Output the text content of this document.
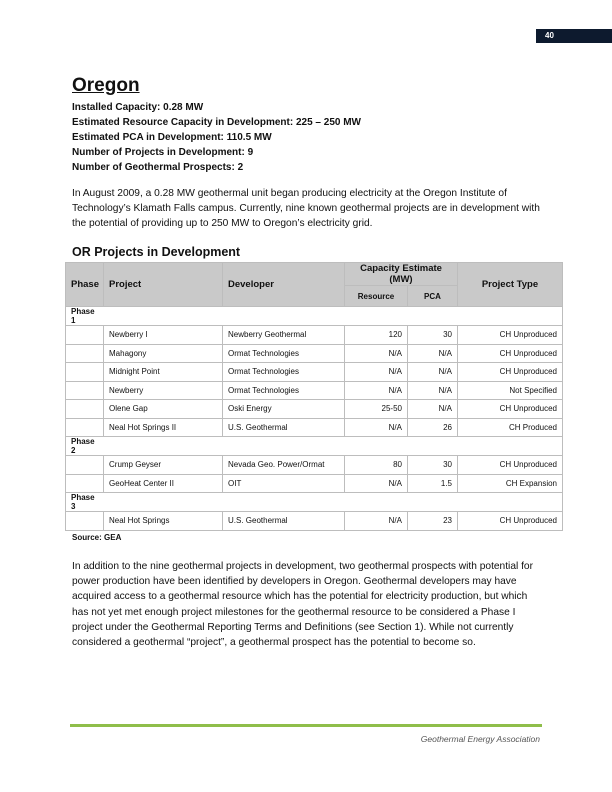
40
Oregon
Installed Capacity: 0.28 MW
Estimated Resource Capacity in Development: 225 – 250 MW
Estimated PCA in Development: 110.5 MW
Number of Projects in Development: 9
Number of Geothermal Prospects: 2

In August 2009, a 0.28 MW geothermal unit began producing electricity at the Oregon Institute of Technology’s Klamath Falls campus. Currently, nine known geothermal projects are in development with the potential of providing up to 250 MW to Oregon’s electricity grid.

OR Projects in Development
Phase	Project	Developer	Capacity Estimate (MW)		Project Type
			Resource	PCA	
Phase 1					
	Newberry I	Newberry Geothermal	120	30	CH Unproduced
	Mahagony	Ormat Technologies	N/A	N/A	CH Unproduced
	Midnight Point	Ormat Technologies	N/A	N/A	CH Unproduced
	Newberry	Ormat Technologies	N/A	N/A	Not Specified
	Olene Gap	Oski Energy	25-50	N/A	CH Unproduced
	Neal Hot Springs II	U.S. Geothermal	N/A	26	CH Produced
Phase 2					
	Crump Geyser	Nevada Geo. Power/Ormat	80	30	CH Unproduced
	GeoHeat Center II	OIT	N/A	1.5	CH Expansion
Phase 3					
	Neal Hot Springs	U.S. Geothermal	N/A	23	CH Unproduced
Source: GEA

In addition to the nine geothermal projects in development, two geothermal prospects with potential for power production have been identified by developers in Oregon. Geothermal developers may have acquired access to a geothermal resource which has the potential for electricity production, but which has not yet met enough project milestones for the geothermal resource to be considered a Phase I project under the Geothermal Reporting Terms and Definitions (see Section 1). While not currently considered a geothermal “project”, a geothermal prospect has the potential to become so.

Geothermal Energy Association
